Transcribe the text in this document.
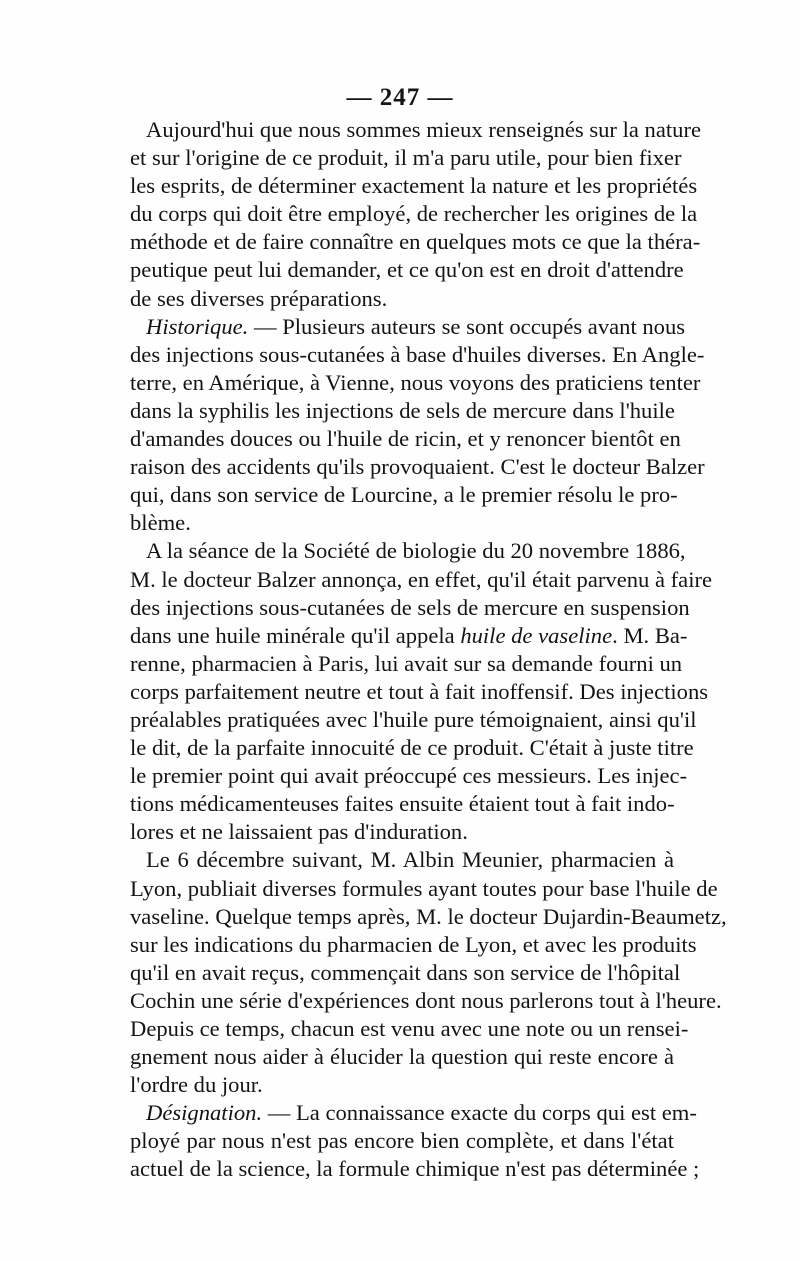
— 247 —
Aujourd'hui que nous sommes mieux renseignés sur la nature
et sur l'origine de ce produit, il m'a paru utile, pour bien fixer
les esprits, de déterminer exactement la nature et les propriétés
du corps qui doit être employé, de rechercher les origines de la
méthode et de faire connaître en quelques mots ce que la théra-
peutique peut lui demander, et ce qu'on est en droit d'attendre
de ses diverses préparations.
Historique. — Plusieurs auteurs se sont occupés avant nous
des injections sous-cutanées à base d'huiles diverses. En Angle-
terre, en Amérique, à Vienne, nous voyons des praticiens tenter
dans la syphilis les injections de sels de mercure dans l'huile
d'amandes douces ou l'huile de ricin, et y renoncer bientôt en
raison des accidents qu'ils provoquaient. C'est le docteur Balzer
qui, dans son service de Lourcine, a le premier résolu le pro-
blème.
A la séance de la Société de biologie du 20 novembre 1886,
M. le docteur Balzer annonça, en effet, qu'il était parvenu à faire
des injections sous-cutanées de sels de mercure en suspension
dans une huile minérale qu'il appela huile de vaseline. M. Ba-
renne, pharmacien à Paris, lui avait sur sa demande fourni un
corps parfaitement neutre et tout à fait inoffensif. Des injections
préalables pratiquées avec l'huile pure témoignaient, ainsi qu'il
le dit, de la parfaite innocuité de ce produit. C'était à juste titre
le premier point qui avait préoccupé ces messieurs. Les injec-
tions médicamenteuses faites ensuite étaient tout à fait indo-
lores et ne laissaient pas d'induration.
Le 6 décembre suivant, M. Albin Meunier, pharmacien à
Lyon, publiait diverses formules ayant toutes pour base l'huile de
vaseline. Quelque temps après, M. le docteur Dujardin-Beaumetz,
sur les indications du pharmacien de Lyon, et avec les produits
qu'il en avait reçus, commençait dans son service de l'hôpital
Cochin une série d'expériences dont nous parlerons tout à l'heure.
Depuis ce temps, chacun est venu avec une note ou un rensei-
gnement nous aider à élucider la question qui reste encore à
l'ordre du jour.
Désignation. — La connaissance exacte du corps qui est em-
ployé par nous n'est pas encore bien complète, et dans l'état
actuel de la science, la formule chimique n'est pas déterminée ;
